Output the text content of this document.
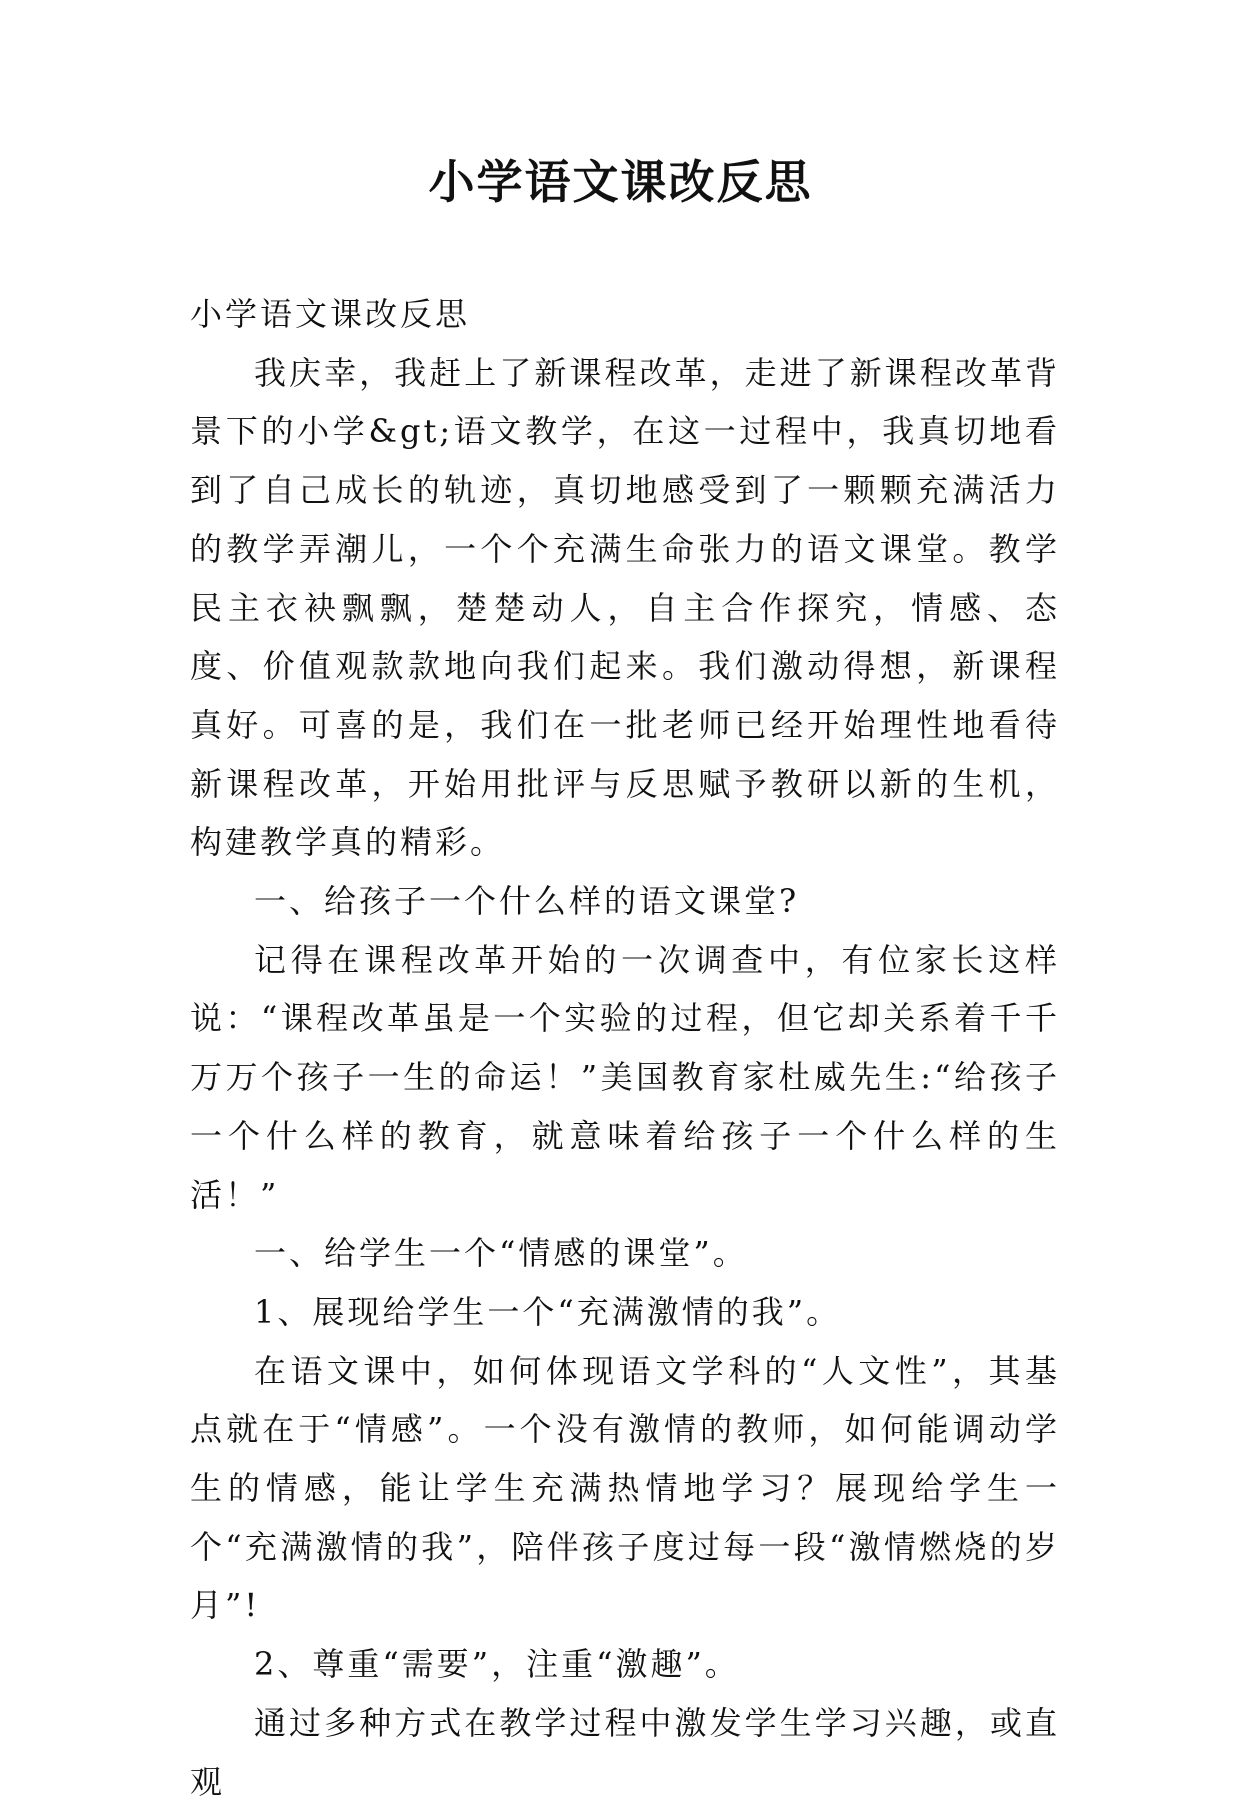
小学语文课改反思

小学语文课改反思

我庆幸，我赶上了新课程改革，走进了新课程改革背景下的小学&gt;语文教学，在这一过程中，我真切地看到了自己成长的轨迹，真切地感受到了一颗颗充满活力的教学弄潮儿，一个个充满生命张力的语文课堂。教学民主衣袂飘飘，楚楚动人，自主合作探究，情感、态度、价值观款款地向我们起来。我们激动得想，新课程真好。可喜的是，我们在一批老师已经开始理性地看待新课程改革，开始用批评与反思赋予教研以新的生机，构建教学真的精彩。

一、给孩子一个什么样的语文课堂?

记得在课程改革开始的一次调查中，有位家长这样说：“课程改革虽是一个实验的过程，但它却关系着千千万万个孩子一生的命运！”美国教育家杜威先生:“给孩子一个什么样的教育，就意味着给孩子一个什么样的生活！”

一、给学生一个“情感的课堂”。

1、展现给学生一个“充满激情的我”。

在语文课中，如何体现语文学科的“人文性”，其基点就在于“情感”。一个没有激情的教师，如何能调动学生的情感，能让学生充满热情地学习？展现给学生一个“充满激情的我”，陪伴孩子度过每一段“激情燃烧的岁月”!

2、尊重“需要”，注重“激趣”。

通过多种方式在教学过程中激发学生学习兴趣，或直观
